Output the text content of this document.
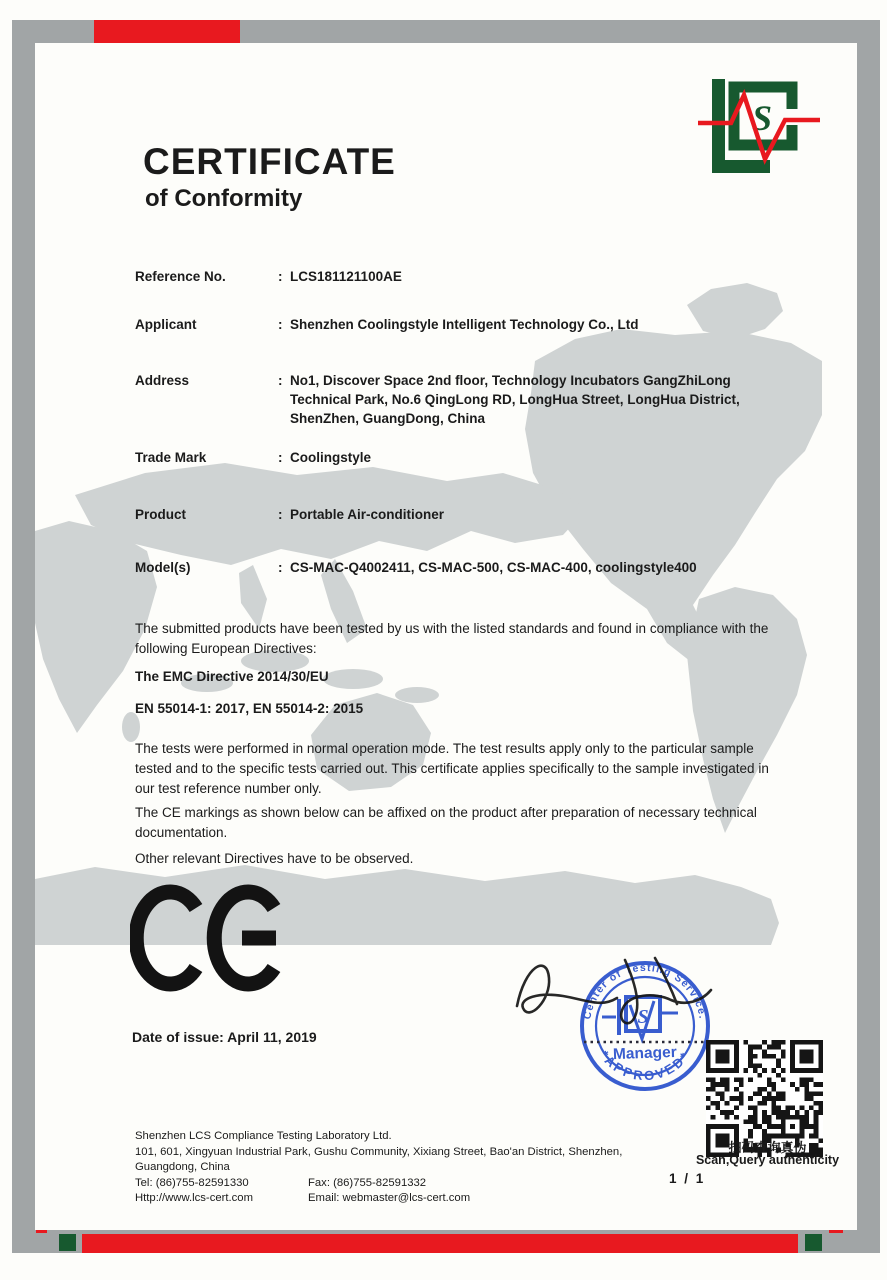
S
CERTIFICATE
of Conformity
Reference No.	: LCS181121100AE
Applicant	: Shenzhen Coolingstyle Intelligent Technology Co., Ltd
Address	: No1, Discover Space 2nd floor, Technology Incubators GangZhiLong Technical Park, No.6 QingLong RD, LongHua Street, LongHua District, ShenZhen, GuangDong, China
Trade Mark	: Coolingstyle
Product	: Portable Air-conditioner
Model(s)	: CS-MAC-Q4002411, CS-MAC-500, CS-MAC-400, coolingstyle400

The submitted products have been tested by us with the listed standards and found in compliance with the following European Directives:

The EMC Directive 2014/30/EU

EN 55014-1: 2017, EN 55014-2: 2015

The tests were performed in normal operation mode. The test results apply only to the particular sample tested and to the specific tests carried out. This certificate applies specifically to the sample investigated in our test reference number only.

The CE markings as shown below can be affixed on the product after preparation of necessary technical documentation.

Other relevant Directives have to be observed.

Date of issue: April 11, 2019
Center of Testing Service.
*APPROVED*
S
Manager
扫码查询真伪
Scan,Query authenticity
Shenzhen LCS Compliance Testing Laboratory Ltd.
101, 601, Xingyuan Industrial Park, Gushu Community, Xixiang Street, Bao'an District, Shenzhen,
Guangdong, China
Tel: (86)755-82591330	Fax: (86)755-82591332
Http://www.lcs-cert.com	Email: webmaster@lcs-cert.com
1 / 1
